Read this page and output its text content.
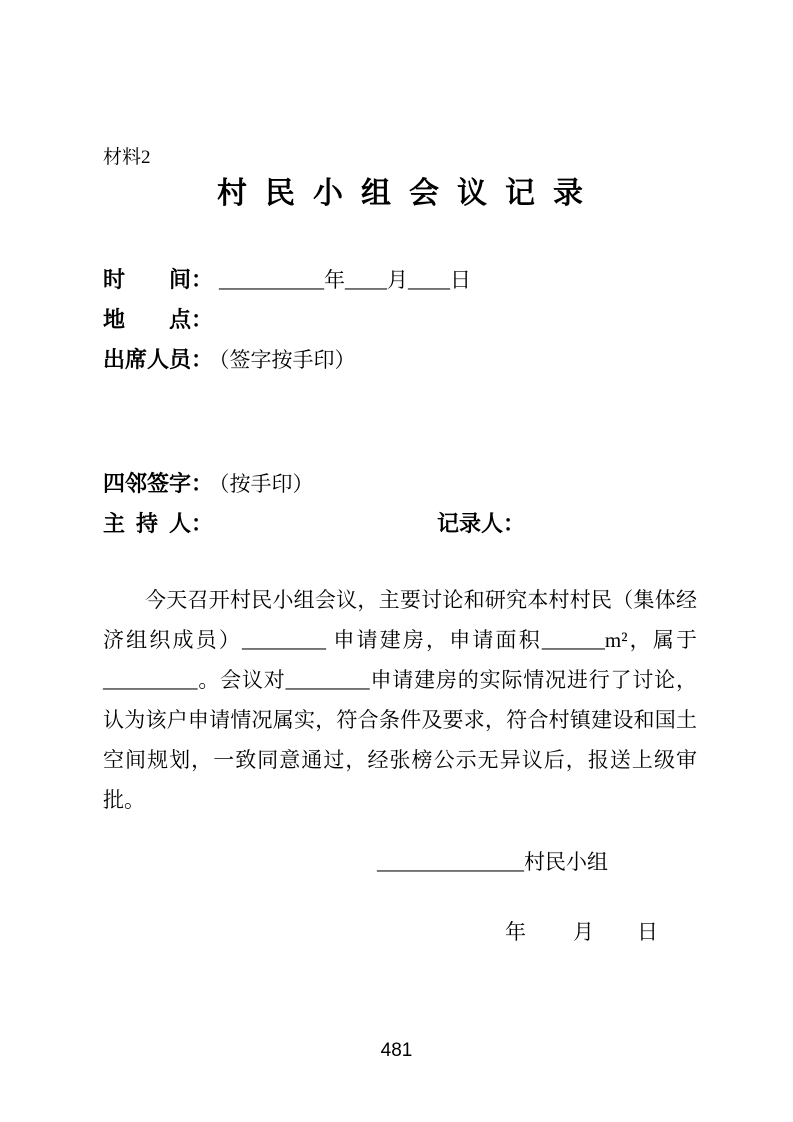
材料2
村民小组会议记录
时间： __________年____月____日
地点：
出席人员： （签字按手印）
四邻签字： （按手印）
主持人：	记录人：

今天召开村民小组会议，主要讨论和研究本村村民（集体经济组织成员）________ 申请建房，申请面积______m²，属于_________。会议对________申请建房的实际情况进行了讨论，认为该户申请情况属实，符合条件及要求，符合村镇建设和国土空间规划，一致同意通过，经张榜公示无异议后，报送上级审批。

______________村民小组
年 月 日
481
